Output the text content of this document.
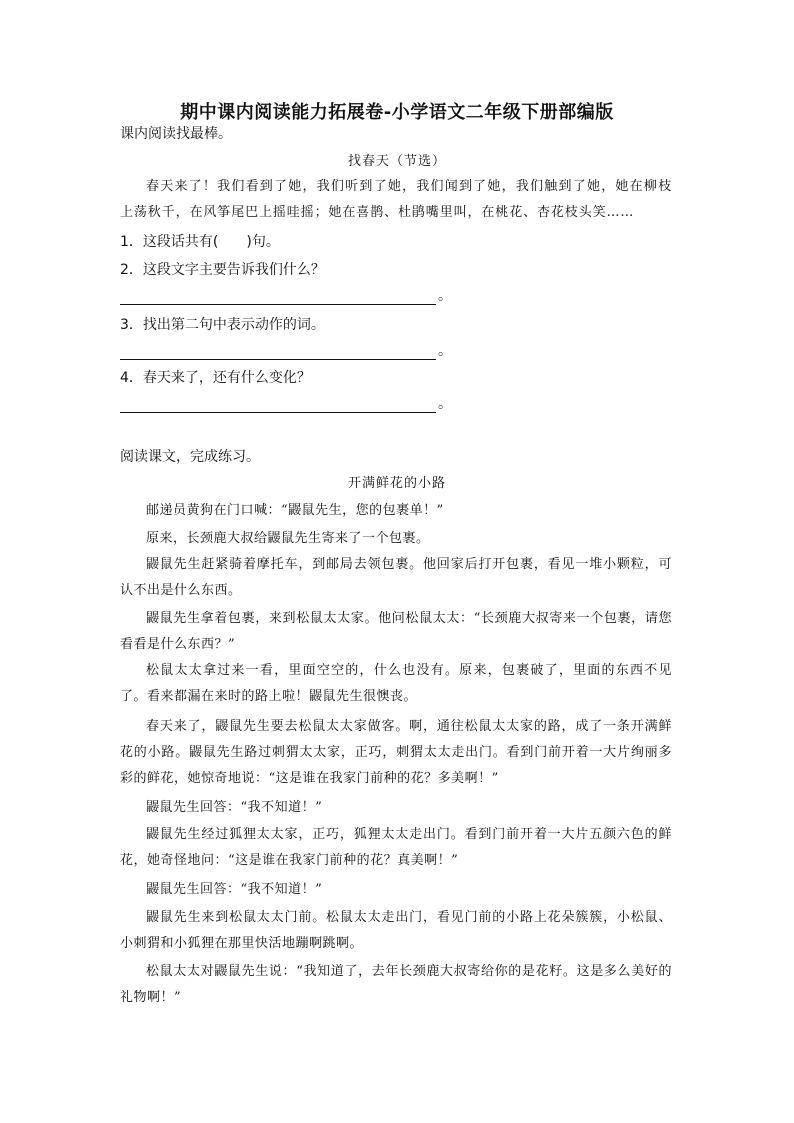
期中课内阅读能力拓展卷-小学语文二年级下册部编版
课内阅读找最棒。
找春天（节选）
春天来了！我们看到了她，我们听到了她，我们闻到了她，我们触到了她，她在柳枝上荡秋千，在风筝尾巴上摇哇摇；她在喜鹊、杜鹃嘴里叫，在桃花、杏花枝头笑……
1．这段话共有(　　)句。
2．这段文字主要告诉我们什么？
。
3．找出第二句中表示动作的词。
。
4．春天来了，还有什么变化？
。
阅读课文，完成练习。
开满鲜花的小路
邮递员黄狗在门口喊：“鼹鼠先生，您的包裹单！”
原来，长颈鹿大叔给鼹鼠先生寄来了一个包裹。
鼹鼠先生赶紧骑着摩托车，到邮局去领包裹。他回家后打开包裹，看见一堆小颗粒，可认不出是什么东西。
鼹鼠先生拿着包裹，来到松鼠太太家。他问松鼠太太：“长颈鹿大叔寄来一个包裹，请您看看是什么东西？”
松鼠太太拿过来一看，里面空空的，什么也没有。原来，包裹破了，里面的东西不见了。看来都漏在来时的路上啦！鼹鼠先生很懊丧。
春天来了，鼹鼠先生要去松鼠太太家做客。啊，通往松鼠太太家的路，成了一条开满鲜花的小路。鼹鼠先生路过刺猬太太家，正巧，刺猬太太走出门。看到门前开着一大片绚丽多彩的鲜花，她惊奇地说：“这是谁在我家门前种的花？多美啊！”
鼹鼠先生回答：“我不知道！”
鼹鼠先生经过狐狸太太家，正巧，狐狸太太走出门。看到门前开着一大片五颜六色的鲜花，她奇怪地问：“这是谁在我家门前种的花？真美啊！”
鼹鼠先生回答：“我不知道！”
鼹鼠先生来到松鼠太太门前。松鼠太太走出门，看见门前的小路上花朵簇簇，小松鼠、小刺猬和小狐狸在那里快活地蹦啊跳啊。
松鼠太太对鼹鼠先生说：“我知道了，去年长颈鹿大叔寄给你的是花籽。这是多么美好的礼物啊！”
